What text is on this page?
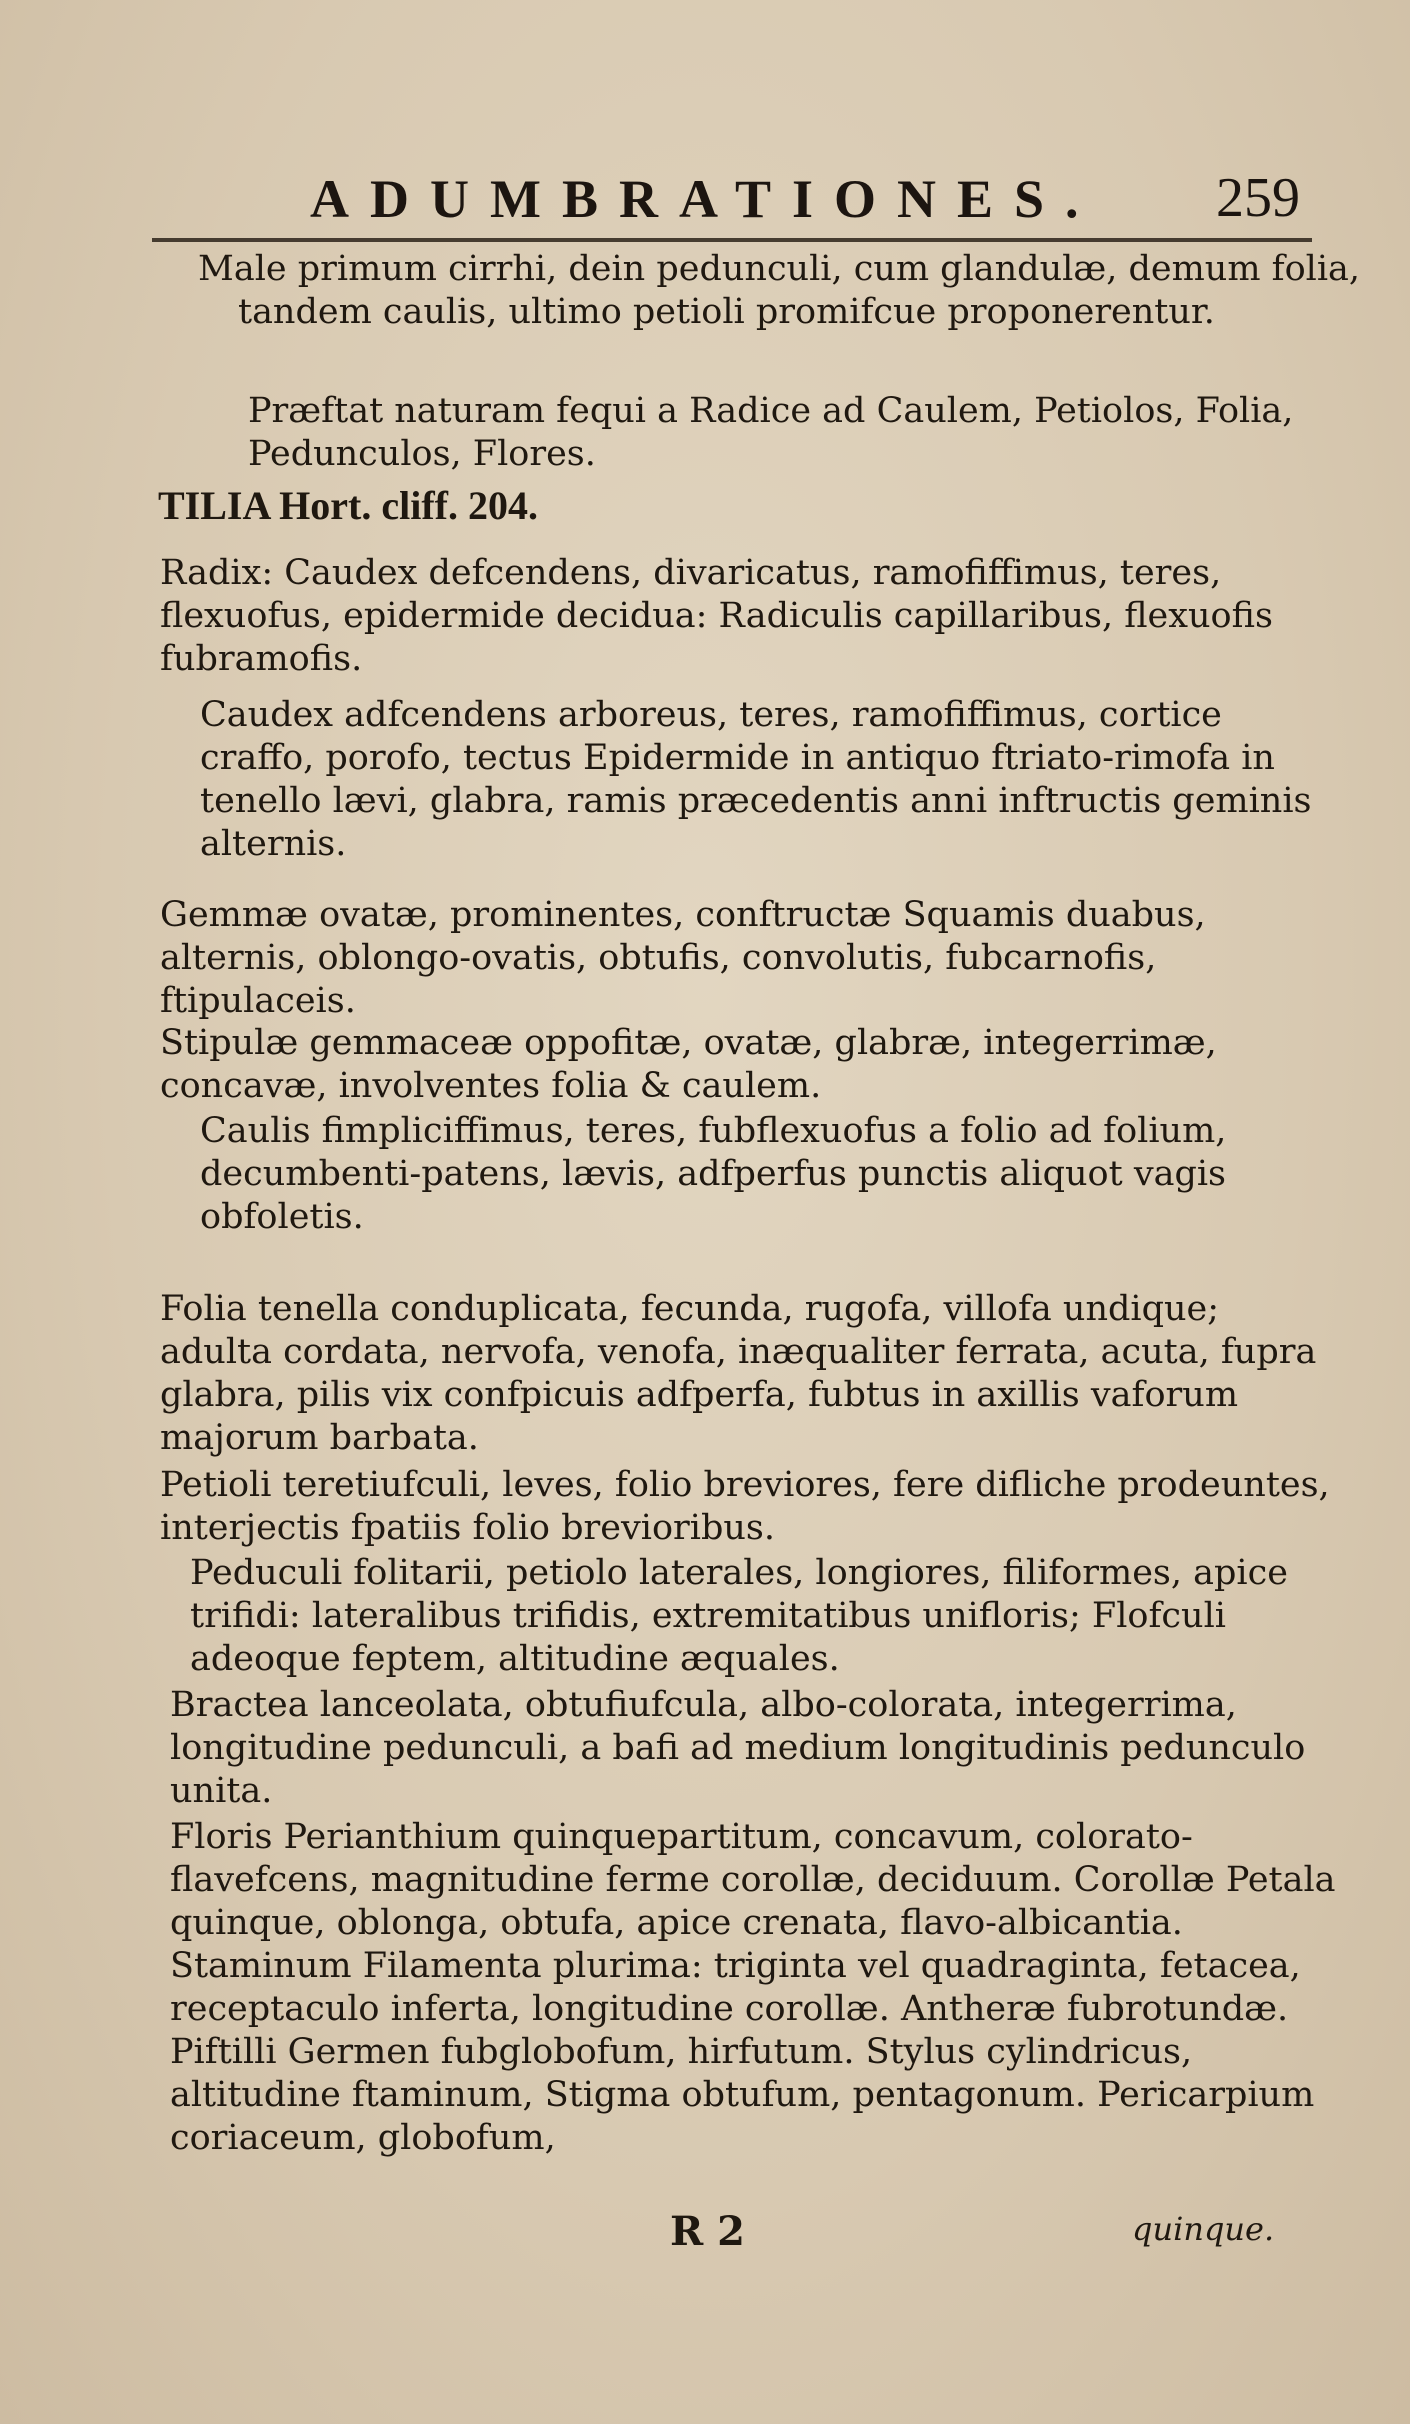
ADUMBRATIONES. 259

Male primum cirrhi, dein pedunculi, cum glandulæ, demum folia, tandem caulis, ultimo petioli promifcue proponerentur.

Præftat naturam fequi a Radice ad Caulem, Petiolos, Folia, Pedunculos, Flores.

TILIA Hort. cliff. 204.

Radix: Caudex defcendens, divaricatus, ramofiffimus, teres, flexuofus, epidermide decidua: Radiculis capillaribus, flexuofis fubramofis.

Caudex adfcendens arboreus, teres, ramofiffimus, cortice craffo, porofo, tectus Epidermide in antiquo ftriato-rimofa in tenello lævi, glabra, ramis præcedentis anni inftructis geminis alternis.

Gemmæ ovatæ, prominentes, conftructæ Squamis duabus, alternis, oblongo-ovatis, obtufis, convolutis, fubcarnofis, ftipulaceis.

Stipulæ gemmaceæ oppofitæ, ovatæ, glabræ, integerrimæ, concavæ, involventes folia & caulem.

Caulis fimpliciffimus, teres, fubflexuofus a folio ad folium, decumbenti-patens, lævis, adfperfus punctis aliquot vagis obfoletis.

Folia tenella conduplicata, fecunda, rugofa, villofa undique; adulta cordata, nervofa, venofa, inæqualiter ferrata, acuta, fupra glabra, pilis vix confpicuis adfperfa, fubtus in axillis vaforum majorum barbata.

Petioli teretiufculi, leves, folio breviores, fere difliche prodeuntes, interjectis fpatiis folio brevioribus.

Peduculi folitarii, petiolo laterales, longiores, filiformes, apice trifidi: lateralibus trifidis, extremitatibus unifloris; Flofculi adeoque feptem, altitudine æquales.

Bractea lanceolata, obtufiufcula, albo-colorata, integerrima, longitudine pedunculi, a bafi ad medium longitudinis pedunculo unita.

Floris Perianthium quinquepartitum, concavum, colorato-flavefcens, magnitudine ferme corollæ, deciduum. Corollæ Petala quinque, oblonga, obtufa, apice crenata, flavo-albicantia. Staminum Filamenta plurima: triginta vel quadraginta, fetacea, receptaculo inferta, longitudine corollæ. Antheræ fubrotundæ. Piftilli Germen fubglobofum, hirfutum. Stylus cylindricus, altitudine ftaminum, Stigma obtufum, pentagonum. Pericarpium coriaceum, globofum,

R 2	quinque.
